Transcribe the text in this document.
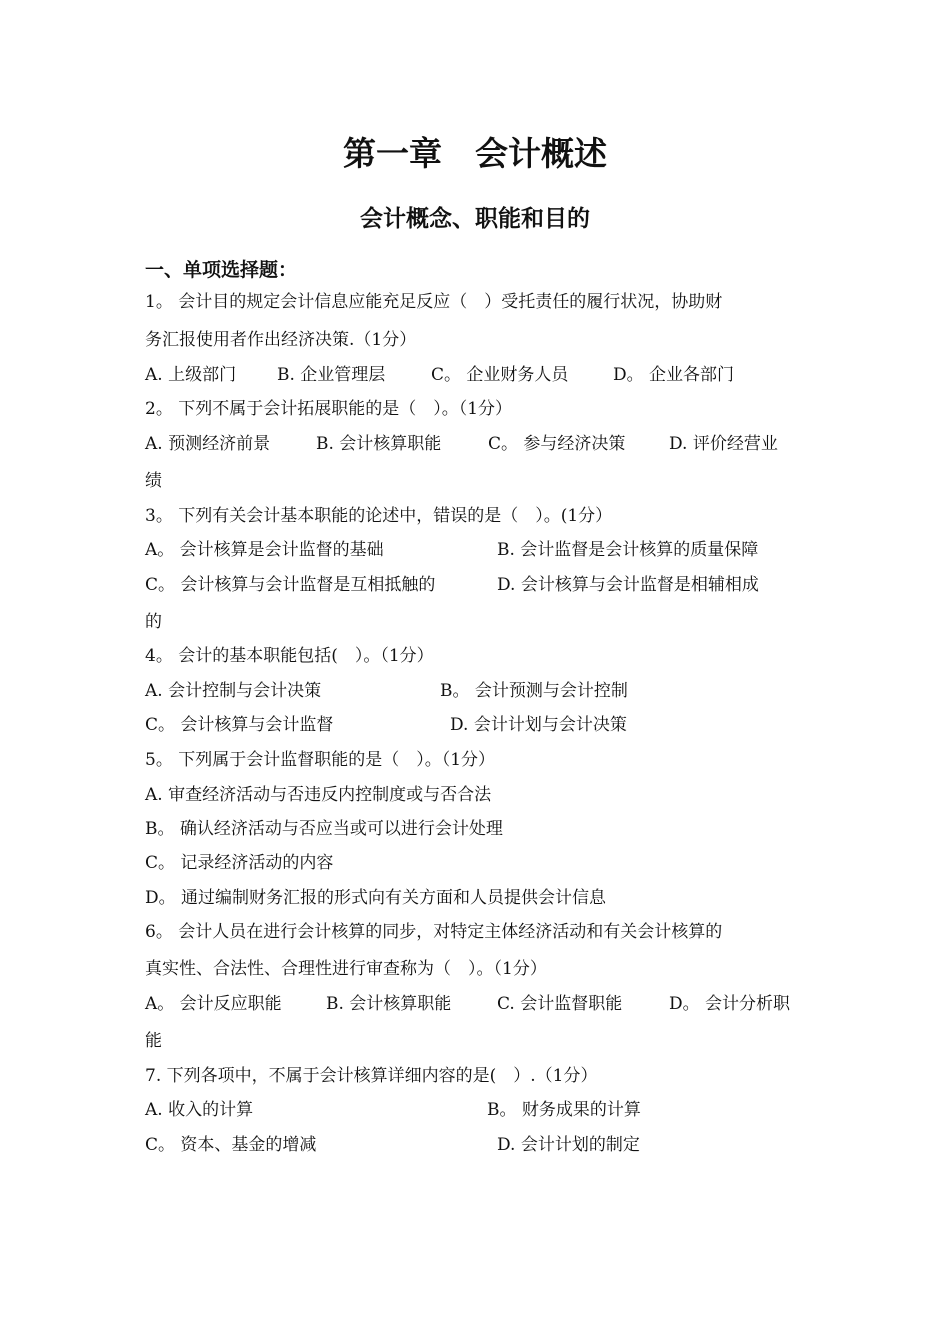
第一章　会计概述
会计概念、职能和目的
一、单项选择题：
1。 会计目的规定会计信息应能充足反应（　）受托责任的履行状况，协助财
务汇报使用者作出经济决策.（1分）
A. 上级部门 B. 企业管理层	C。 企业财务人员	D。 企业各部门
2。 下列不属于会计拓展职能的是（　）。（1分）
A. 预测经济前景	B. 会计核算职能	C。 参与经济决策	D. 评价经营业
绩
3。 下列有关会计基本职能的论述中，错误的是（　）。(1分）
A。 会计核算是会计监督的基础	B. 会计监督是会计核算的质量保障
C。 会计核算与会计监督是互相抵触的	D. 会计核算与会计监督是相辅相成
的
4。 会计的基本职能包括(　）。（1分）
A. 会计控制与会计决策	B。 会计预测与会计控制
C。 会计核算与会计监督	D. 会计计划与会计决策
5。 下列属于会计监督职能的是（　）。（1分）
A. 审查经济活动与否违反内控制度或与否合法
B。 确认经济活动与否应当或可以进行会计处理
C。 记录经济活动的内容
D。 通过编制财务汇报的形式向有关方面和人员提供会计信息
6。 会计人员在进行会计核算的同步，对特定主体经济活动和有关会计核算的
真实性、合法性、合理性进行审查称为（　）。（1分）
A。 会计反应职能	B. 会计核算职能	C. 会计监督职能	D。 会计分析职
能
7. 下列各项中，不属于会计核算详细内容的是(　）.（1分）
A. 收入的计算	B。 财务成果的计算
C。 资本、基金的增减	D. 会计计划的制定
